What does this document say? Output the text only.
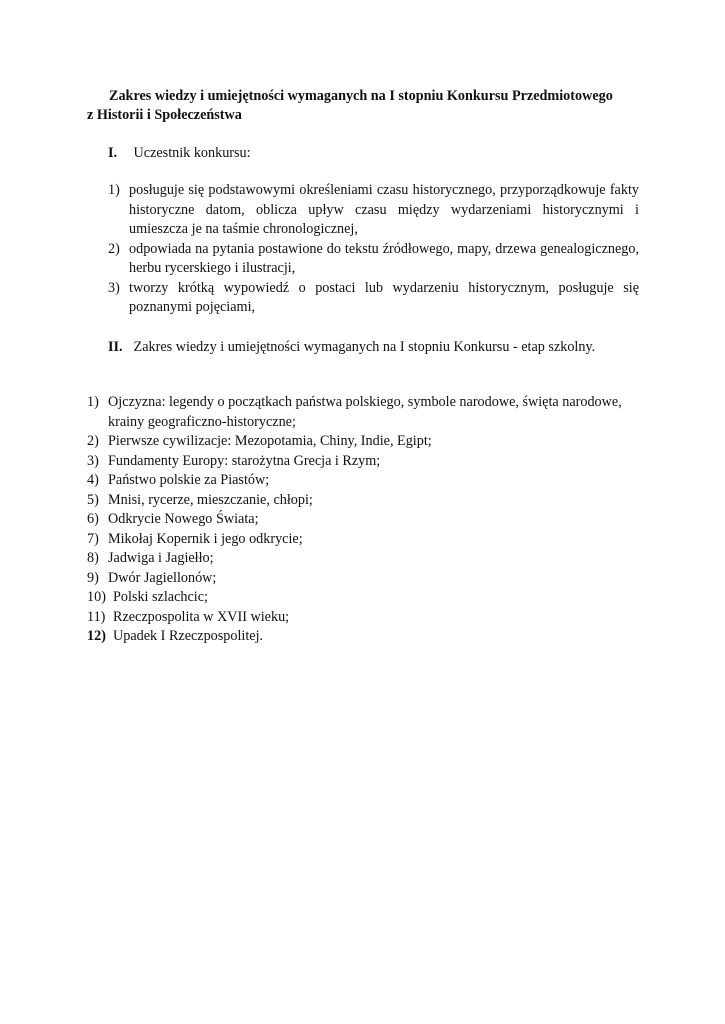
Zakres wiedzy i umiejętności wymaganych na I stopniu Konkursu Przedmiotowego
z Historii i Społeczeństwa
I. Uczestnik konkursu:
1) posługuje się podstawowymi określeniami czasu historycznego, przyporządkowuje fakty historyczne datom, oblicza upływ czasu między wydarzeniami historycznymi i umieszcza je na taśmie chronologicznej,
2) odpowiada na pytania postawione do tekstu źródłowego, mapy, drzewa genealogicznego, herbu rycerskiego i ilustracji,
3) tworzy krótką wypowiedź o postaci lub wydarzeniu historycznym, posługuje się poznanymi pojęciami,
II. Zakres wiedzy i umiejętności wymaganych na I stopniu Konkursu - etap szkolny.
1) Ojczyzna: legendy o początkach państwa polskiego, symbole narodowe, święta narodowe, krainy geograficzno-historyczne;
2) Pierwsze cywilizacje: Mezopotamia, Chiny, Indie, Egipt;
3) Fundamenty Europy: starożytna Grecja i Rzym;
4) Państwo polskie za Piastów;
5) Mnisi, rycerze, mieszczanie, chłopi;
6) Odkrycie Nowego Świata;
7) Mikołaj Kopernik i jego odkrycie;
8) Jadwiga i Jagiełło;
9) Dwór Jagiellonów;
10) Polski szlachcic;
11) Rzeczpospolita w XVII wieku;
12) Upadek I Rzeczpospolitej.
